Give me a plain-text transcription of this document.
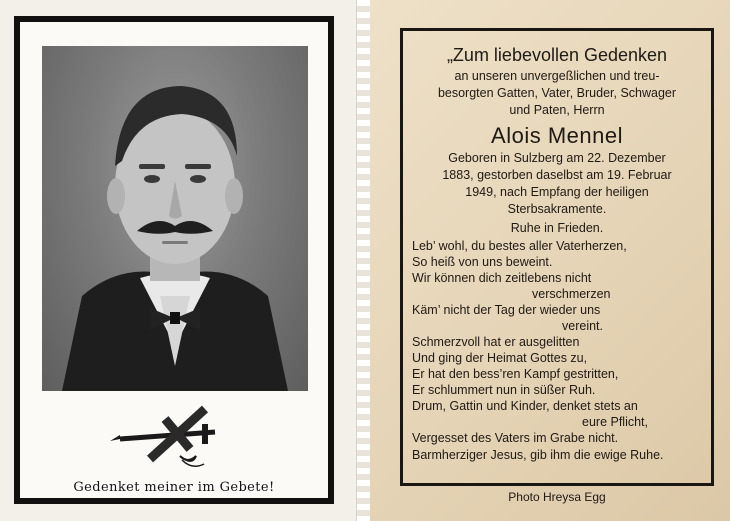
Gedenket meiner im Gebete!
„Zum liebevollen Gedenken
an unseren unvergeßlichen und treu-
besorgten Gatten, Vater, Bruder, Schwager
und Paten, Herrn
Alois Mennel
Geboren in Sulzberg am 22. Dezember
1883, gestorben daselbst am 19. Februar
1949, nach Empfang der heiligen
Sterbsakramente.
Ruhe in Frieden.
Leb’ wohl, du bestes aller Vaterherzen,
So heiß von uns beweint.
Wir können dich zeitlebens nicht
verschmerzen
Käm’ nicht der Tag der wieder uns
vereint.
Schmerzvoll hat er ausgelitten
Und ging der Heimat Gottes zu,
Er hat den bess’ren Kampf gestritten,
Er schlummert nun in süßer Ruh.
Drum, Gattin und Kinder, denket stets an
eure Pflicht,
Vergesset des Vaters im Grabe nicht.
Barmherziger Jesus, gib ihm die ewige Ruhe.
Photo Hreysa Egg
